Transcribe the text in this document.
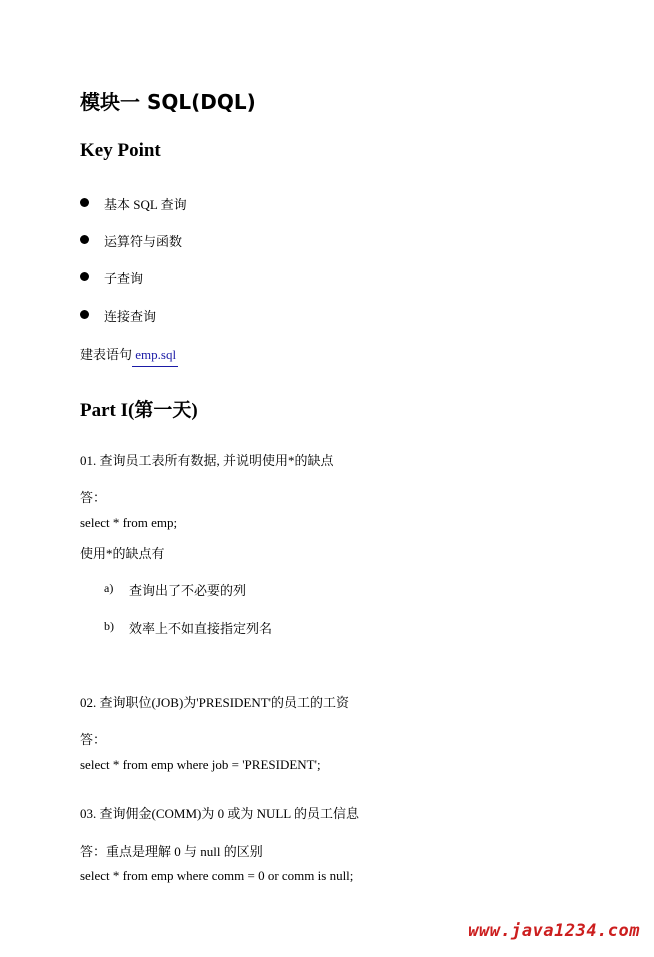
模块一 SQL(DQL)
Key Point
基本 SQL 查询
运算符与函数
子查询
连接查询
建表语句 emp.sql
Part I(第一天)
01. 查询员工表所有数据, 并说明使用*的缺点
答：
select * from emp;
使用*的缺点有
a) 查询出了不必要的列
b) 效率上不如直接指定列名
02. 查询职位(JOB)为'PRESIDENT'的员工的工资
答：
select * from emp where job = 'PRESIDENT';
03. 查询佣金(COMM)为 0 或为 NULL 的员工信息
答：重点是理解 0 与 null 的区别
select * from emp where comm = 0 or comm is null;
www.java1234.com
